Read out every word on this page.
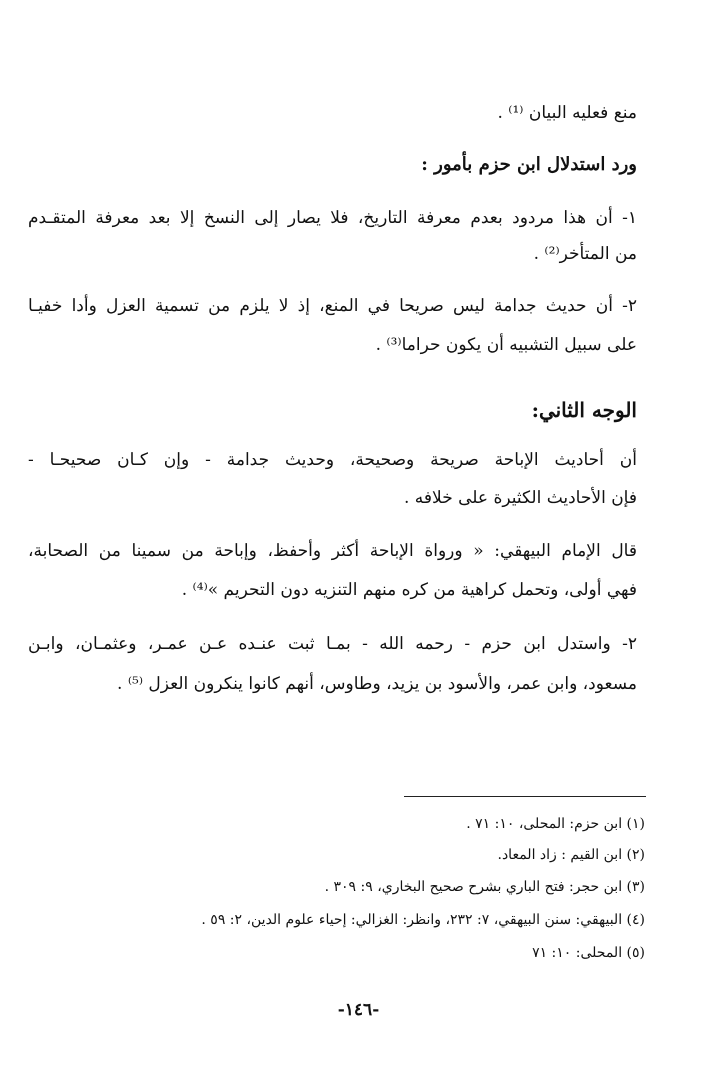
منع فعليه البيان ⁽¹⁾ .
ورد استدلال ابن حزم بأمور :
١- أن هذا مردود بعدم معرفة التاريخ، فلا يصار إلى النسخ إلا بعد معرفة المتقـدم
من المتأخر⁽²⁾ .
٢- أن حديث جدامة ليس صريحا في المنع، إذ لا يلزم من تسمية العزل وأدا خفيـا
على سبيل التشبيه أن يكون حراما⁽³⁾ .
الوجه الثاني:
أن أحاديث الإباحة صريحة وصحيحة، وحديث جدامة - وإن كـان صحيحـا -
فإن الأحاديث الكثيرة على خلافه .
قال الإمام البيهقي: « ورواة الإباحة أكثر وأحفظ، وإباحة من سمينا من الصحابة،
فهي أولى، وتحمل كراهية من كره منهم التنزيه دون التحريم »⁽⁴⁾ .
٢- واستدل ابن حزم - رحمه الله - بمـا ثبت عنـده عـن عمـر، وعثمـان، وابـن
مسعود، وابن عمر، والأسود بن يزيد، وطاوس، أنهم كانوا ينكرون العزل ⁽⁵⁾ .
(١) ابن حزم: المحلى، ١٠: ٧١ .
(٢) ابن القيم : زاد المعاد.
(٣) ابن حجر: فتح الباري بشرح صحيح البخاري، ٩: ٣٠٩ .
(٤) البيهقي: سنن البيهقي، ٧: ٢٣٢، وانظر: الغزالي: إحياء علوم الدين، ٢: ٥٩ .
(٥) المحلى: ١٠: ٧١
-١٤٦-
